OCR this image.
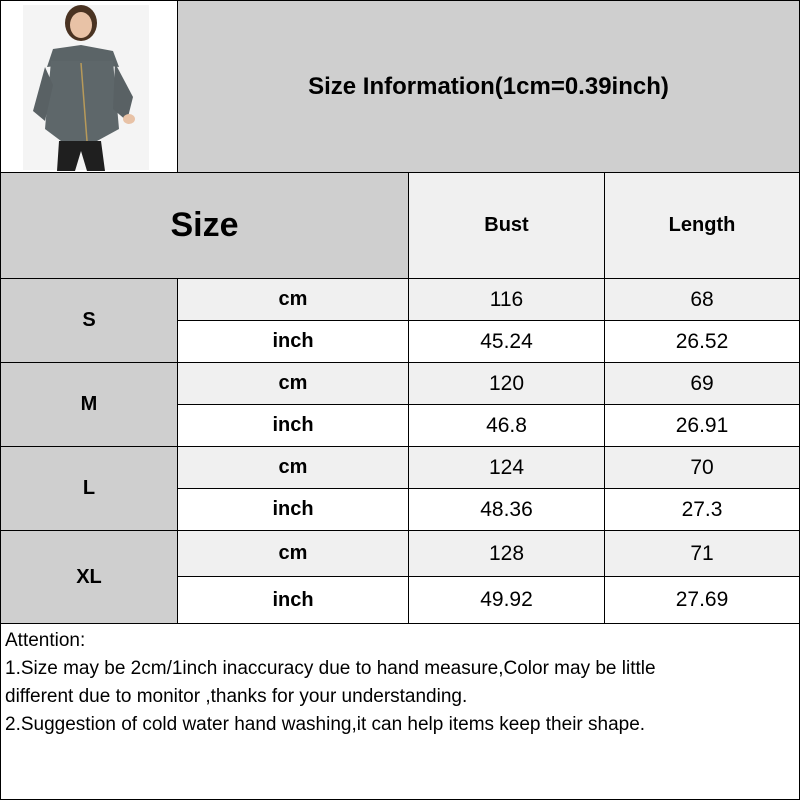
Size Information(1cm=0.39inch)
Size	Bust	Length
S
cm	116	68
inch	45.24	26.52
M
cm	120	69
inch	46.8	26.91
L
cm	124	70
inch	48.36	27.3
XL
cm	128	71
inch	49.92	27.69

Attention:

1.Size may be 2cm/1inch inaccuracy due to hand measure,Color may be little

different due to monitor ,thanks for your understanding.

2.Suggestion of cold water hand washing,it can help items keep their shape.
